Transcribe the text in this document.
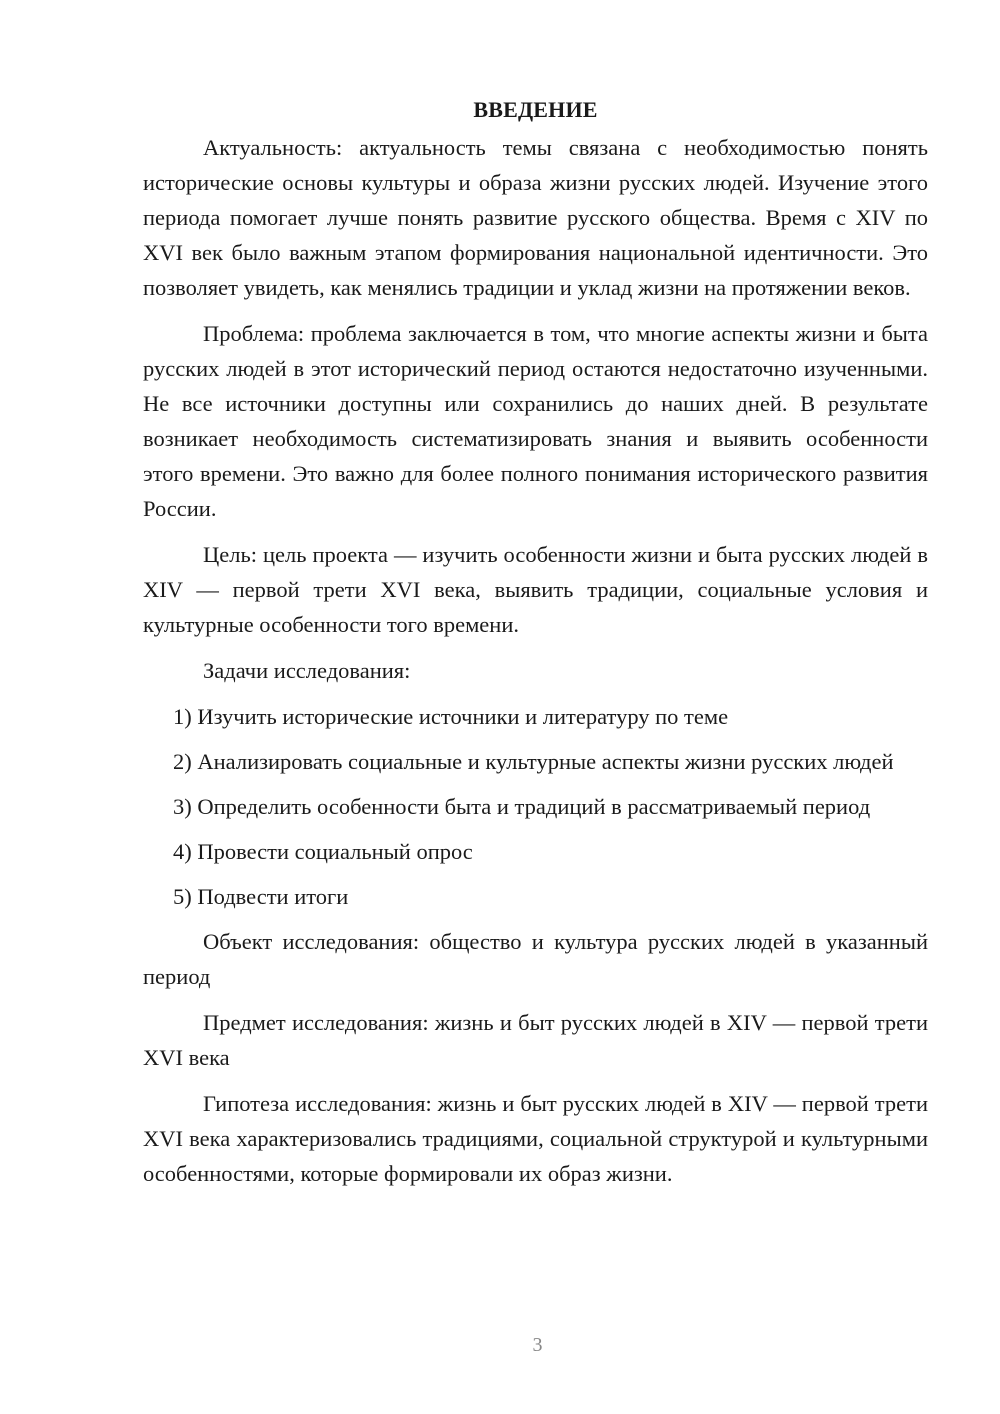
ВВЕДЕНИЕ

Актуальность: актуальность темы связана с необходимостью понять исторические основы культуры и образа жизни русских людей. Изучение этого периода помогает лучше понять развитие русского общества. Время с XIV по XVI век было важным этапом формирования национальной идентичности. Это позволяет увидеть, как менялись традиции и уклад жизни на протяжении веков.

Проблема: проблема заключается в том, что многие аспекты жизни и быта русских людей в этот исторический период остаются недостаточно изученными. Не все источники доступны или сохранились до наших дней. В результате возникает необходимость систематизировать знания и выявить особенности этого времени. Это важно для более полного понимания исторического развития России.

Цель: цель проекта — изучить особенности жизни и быта русских людей в XIV — первой трети XVI века, выявить традиции, социальные условия и культурные особенности того времени.

Задачи исследования:

1) Изучить исторические источники и литературу по теме

2) Анализировать социальные и культурные аспекты жизни русских людей

3) Определить особенности быта и традиций в рассматриваемый период

4) Провести социальный опрос

5) Подвести итоги

Объект исследования: общество и культура русских людей в указанный период

Предмет исследования: жизнь и быт русских людей в XIV — первой трети XVI века

Гипотеза исследования: жизнь и быт русских людей в XIV — первой трети XVI века характеризовались традициями, социальной структурой и культурными особенностями, которые формировали их образ жизни.

3
